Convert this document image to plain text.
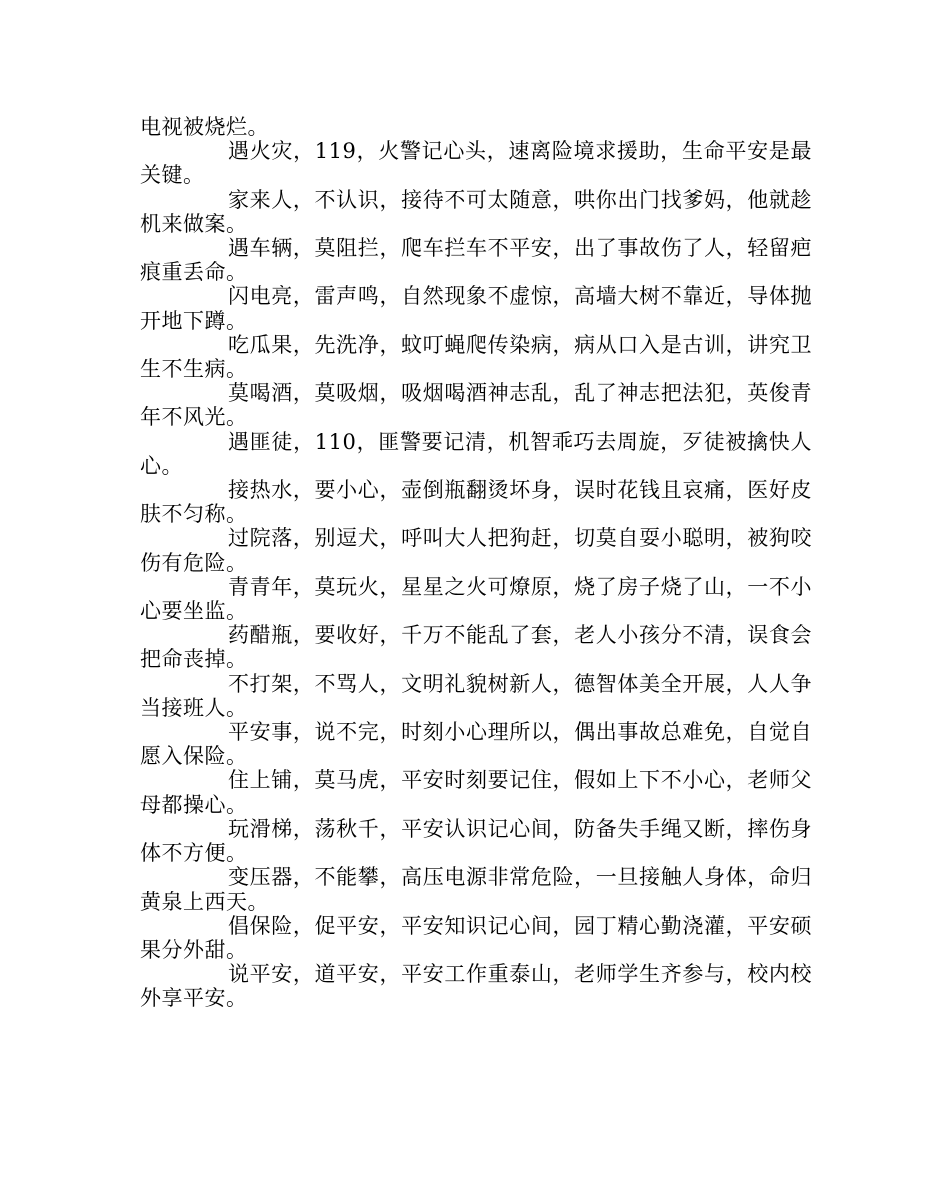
电视被烧烂。

遇火灾，119，火警记心头，速离险境求援助，生命平安是最关键。

家来人，不认识，接待不可太随意，哄你出门找爹妈，他就趁机来做案。

遇车辆，莫阻拦，爬车拦车不平安，出了事故伤了人，轻留疤痕重丢命。

闪电亮，雷声鸣，自然现象不虚惊，高墙大树不靠近，导体抛开地下蹲。

吃瓜果，先洗净，蚊叮蝇爬传染病，病从口入是古训，讲究卫生不生病。

莫喝酒，莫吸烟，吸烟喝酒神志乱，乱了神志把法犯，英俊青年不风光。

遇匪徒，110，匪警要记清，机智乖巧去周旋，歹徒被擒快人心。

接热水，要小心，壶倒瓶翻烫坏身，误时花钱且哀痛，医好皮肤不匀称。

过院落，别逗犬，呼叫大人把狗赶，切莫自耍小聪明，被狗咬伤有危险。

青青年，莫玩火，星星之火可燎原，烧了房子烧了山，一不小心要坐监。

药醋瓶，要收好，千万不能乱了套，老人小孩分不清，误食会把命丧掉。

不打架，不骂人，文明礼貌树新人，德智体美全开展，人人争当接班人。

平安事，说不完，时刻小心理所以，偶出事故总难免，自觉自愿入保险。

住上铺，莫马虎，平安时刻要记住，假如上下不小心，老师父母都操心。

玩滑梯，荡秋千，平安认识记心间，防备失手绳又断，摔伤身体不方便。

变压器，不能攀，高压电源非常危险，一旦接触人身体，命归黄泉上西天。

倡保险，促平安，平安知识记心间，园丁精心勤浇灌，平安硕果分外甜。

说平安，道平安，平安工作重泰山，老师学生齐参与，校内校外享平安。
